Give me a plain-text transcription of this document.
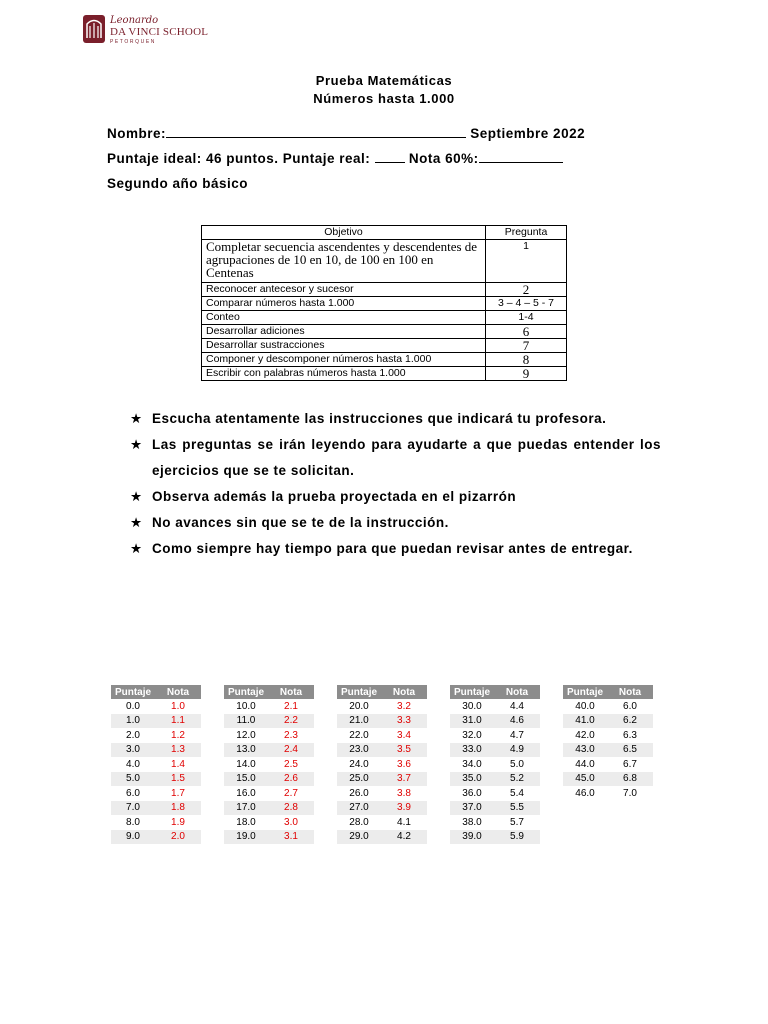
Leonardo
DA VINCI SCHOOL
PETORQUEN
Prueba Matemáticas
Números hasta 1.000
Nombre:	Septiembre 2022
Puntaje ideal: 46 puntos. Puntaje real:	Nota 60%:
Segundo año básico
Objetivo	Pregunta
Completar secuencia ascendentes y descendentes de agrupaciones de 10 en 10, de 100 en 100 en Centenas	1
Reconocer antecesor y sucesor	2
Comparar números hasta 1.000	3 – 4 – 5 - 7
Conteo	1-4
Desarrollar adiciones	6
Desarrollar sustracciones	7
Componer y descomponer números hasta 1.000	8
Escribir con palabras números hasta 1.000	9
★ Escucha atentamente las instrucciones que indicará tu profesora.
★ Las preguntas se irán leyendo para ayudarte a que puedas entender los ejercicios que se te solicitan.
★ Observa además la prueba proyectada en el pizarrón
★ No avances sin que se te de la instrucción.
★ Como siempre hay tiempo para que puedan revisar antes de entregar.
Puntaje	Nota
0.0	1.0
1.0	1.1
2.0	1.2
3.0	1.3
4.0	1.4
5.0	1.5
6.0	1.7
7.0	1.8
8.0	1.9
9.0	2.0
Puntaje	Nota
10.0	2.1
11.0	2.2
12.0	2.3
13.0	2.4
14.0	2.5
15.0	2.6
16.0	2.7
17.0	2.8
18.0	3.0
19.0	3.1
Puntaje	Nota
20.0	3.2
21.0	3.3
22.0	3.4
23.0	3.5
24.0	3.6
25.0	3.7
26.0	3.8
27.0	3.9
28.0	4.1
29.0	4.2
Puntaje	Nota
30.0	4.4
31.0	4.6
32.0	4.7
33.0	4.9
34.0	5.0
35.0	5.2
36.0	5.4
37.0	5.5
38.0	5.7
39.0	5.9
Puntaje	Nota
40.0	6.0
41.0	6.2
42.0	6.3
43.0	6.5
44.0	6.7
45.0	6.8
46.0	7.0
